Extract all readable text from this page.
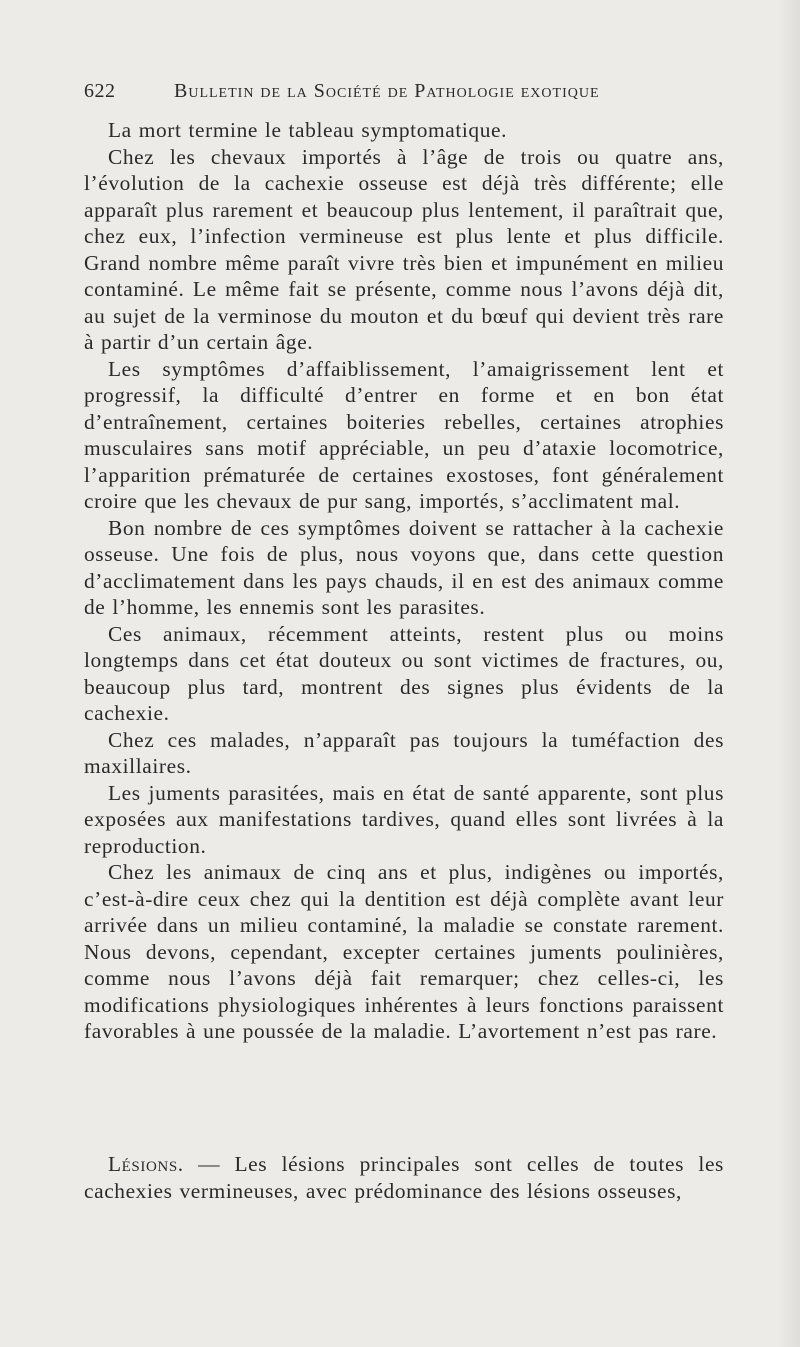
622	Bulletin de la Société de Pathologie exotique

La mort termine le tableau symptomatique.

Chez les chevaux importés à l’âge de trois ou quatre ans, l’évolution de la cachexie osseuse est déjà très différente; elle apparaît plus rarement et beaucoup plus lentement, il paraîtrait que, chez eux, l’infection vermineuse est plus lente et plus difficile. Grand nombre même paraît vivre très bien et impunément en milieu contaminé. Le même fait se présente, comme nous l’avons déjà dit, au sujet de la verminose du mouton et du bœuf qui devient très rare à partir d’un certain âge.

Les symptômes d’affaiblissement, l’amaigrissement lent et progressif, la difficulté d’entrer en forme et en bon état d’entraînement, certaines boiteries rebelles, certaines atrophies musculaires sans motif appréciable, un peu d’ataxie locomotrice, l’apparition prématurée de certaines exostoses, font généralement croire que les chevaux de pur sang, importés, s’acclimatent mal.

Bon nombre de ces symptômes doivent se rattacher à la cachexie osseuse. Une fois de plus, nous voyons que, dans cette question d’acclimatement dans les pays chauds, il en est des animaux comme de l’homme, les ennemis sont les parasites.

Ces animaux, récemment atteints, restent plus ou moins longtemps dans cet état douteux ou sont victimes de fractures, ou, beaucoup plus tard, montrent des signes plus évidents de la cachexie.

Chez ces malades, n’apparaît pas toujours la tuméfaction des maxillaires.

Les juments parasitées, mais en état de santé apparente, sont plus exposées aux manifestations tardives, quand elles sont livrées à la reproduction.

Chez les animaux de cinq ans et plus, indigènes ou importés, c’est-à-dire ceux chez qui la dentition est déjà complète avant leur arrivée dans un milieu contaminé, la maladie se constate rarement. Nous devons, cependant, excepter certaines juments poulinières, comme nous l’avons déjà fait remarquer; chez celles-ci, les modifications physiologiques inhérentes à leurs fonctions paraissent favorables à une poussée de la maladie. L’avortement n’est pas rare.

Lésions. — Les lésions principales sont celles de toutes les cachexies vermineuses, avec prédominance des lésions osseuses,
